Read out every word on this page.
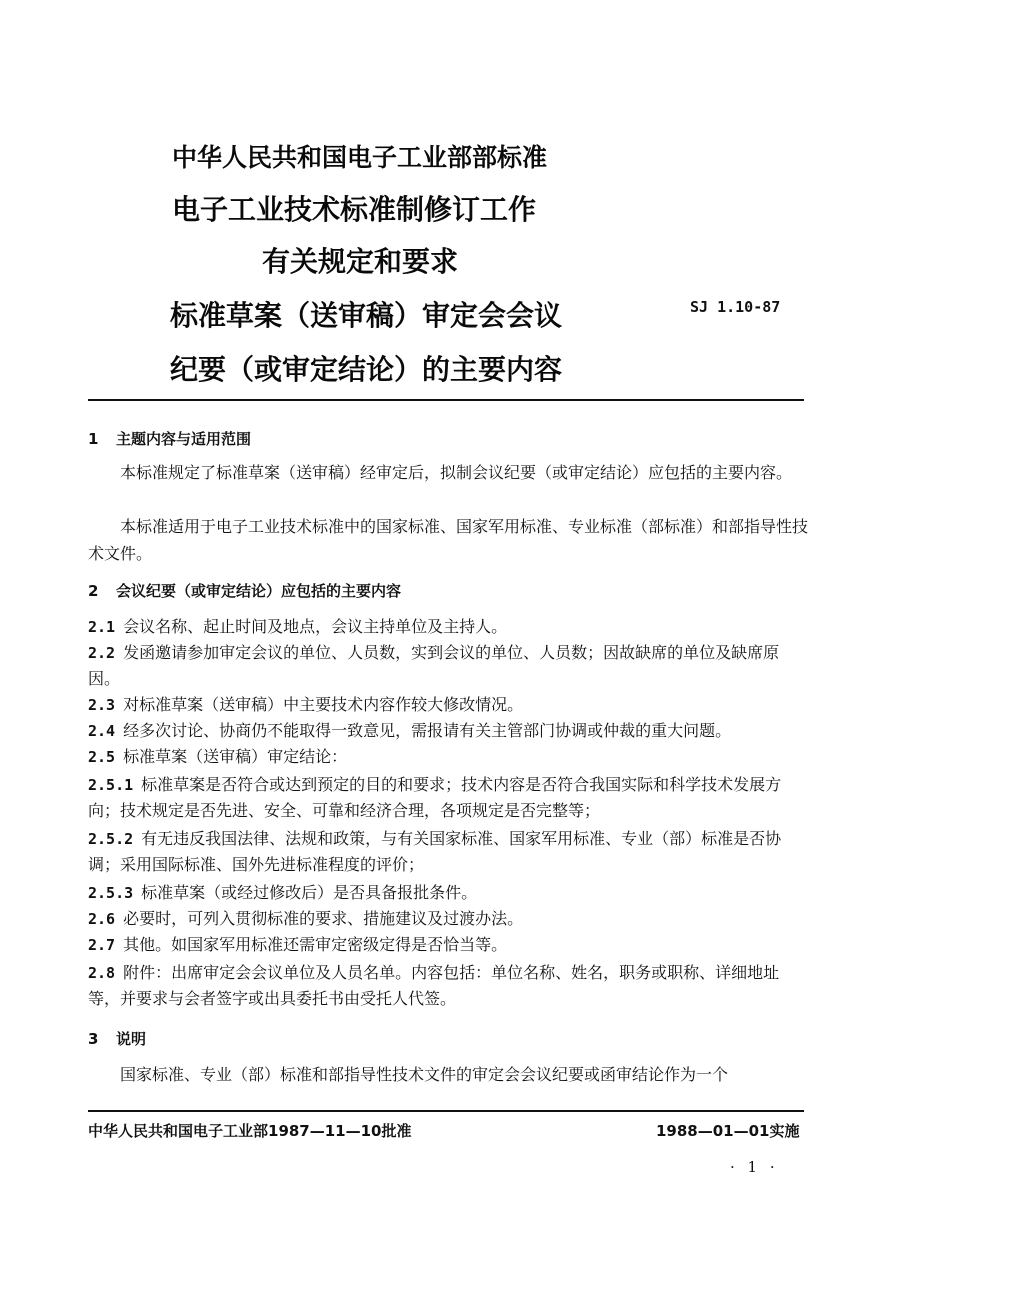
中华人民共和国电子工业部部标准
电子工业技术标准制修订工作
有关规定和要求
标准草案（送审稿）审定会会议
纪要（或审定结论）的主要内容
SJ 1.10-87
1 主题内容与适用范围
本标准规定了标准草案（送审稿）经审定后，拟制会议纪要（或审定结论）应包括的主要内容。
本标准适用于电子工业技术标准中的国家标准、国家军用标准、专业标准（部标准）和部指导性技术文件。
2 会议纪要（或审定结论）应包括的主要内容
2.1 会议名称、起止时间及地点，会议主持单位及主持人。
2.2 发函邀请参加审定会议的单位、人员数，实到会议的单位、人员数；因故缺席的单位及缺席原因。
2.3 对标准草案（送审稿）中主要技术内容作较大修改情况。
2.4 经多次讨论、协商仍不能取得一致意见，需报请有关主管部门协调或仲裁的重大问题。
2.5 标准草案（送审稿）审定结论：
2.5.1 标准草案是否符合或达到预定的目的和要求；技术内容是否符合我国实际和科学技术发展方向；技术规定是否先进、安全、可靠和经济合理，各项规定是否完整等；
2.5.2 有无违反我国法律、法规和政策，与有关国家标准、国家军用标准、专业（部）标准是否协调；采用国际标准、国外先进标准程度的评价；
2.5.3 标准草案（或经过修改后）是否具备报批条件。
2.6 必要时，可列入贯彻标准的要求、措施建议及过渡办法。
2.7 其他。如国家军用标准还需审定密级定得是否恰当等。
2.8 附件：出席审定会会议单位及人员名单。内容包括：单位名称、姓名，职务或职称、详细地址等，并要求与会者签字或出具委托书由受托人代签。
3 说明
国家标准、专业（部）标准和部指导性技术文件的审定会会议纪要或函审结论作为一个
中华人民共和国电子工业部1987—11—10批准	1988—01—01实施
· 1 ·
